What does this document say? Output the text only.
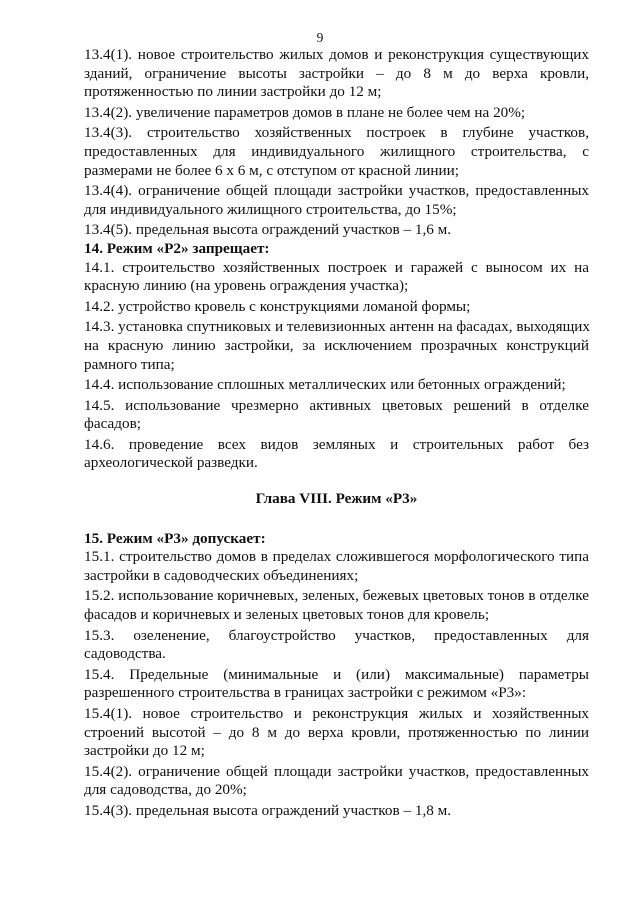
9
13.4(1). новое строительство жилых домов и реконструкция существующих
зданий, ограничение высоты застройки – до 8 м до верха кровли,
протяженностью по линии застройки до 12 м;
13.4(2). увеличение параметров домов в плане не более чем на 20%;
13.4(3). строительство хозяйственных построек в глубине участков,
предоставленных для индивидуального жилищного строительства, с
размерами не более 6 х 6 м, с отступом от красной линии;
13.4(4). ограничение общей площади застройки участков, предоставленных
для индивидуального жилищного строительства, до 15%;
13.4(5). предельная высота ограждений участков – 1,6 м.
14. Режим «Р2» запрещает:
14.1. строительство хозяйственных построек и гаражей с выносом их на
красную линию (на уровень ограждения участка);
14.2. устройство кровель с конструкциями ломаной формы;
14.3. установка спутниковых и телевизионных антенн на фасадах, выходящих
на красную линию застройки, за исключением прозрачных конструкций
рамного типа;
14.4. использование сплошных металлических или бетонных ограждений;
14.5. использование чрезмерно активных цветовых решений в отделке
фасадов;
14.6. проведение всех видов земляных и строительных работ без
археологической разведки.
Глава VIII. Режим «Р3»
15. Режим «Р3» допускает:
15.1. строительство домов в пределах сложившегося морфологического типа
застройки в садоводческих объединениях;
15.2. использование коричневых, зеленых, бежевых цветовых тонов в отделке
фасадов и коричневых и зеленых цветовых тонов для кровель;
15.3. озеленение, благоустройство участков, предоставленных для
садоводства.
15.4. Предельные (минимальные и (или) максимальные) параметры
разрешенного строительства в границах застройки с режимом «Р3»:
15.4(1). новое строительство и реконструкция жилых и хозяйственных
строений высотой – до 8 м до верха кровли, протяженностью по линии
застройки до 12 м;
15.4(2). ограничение общей площади застройки участков, предоставленных
для садоводства, до 20%;
15.4(3). предельная высота ограждений участков – 1,8 м.
